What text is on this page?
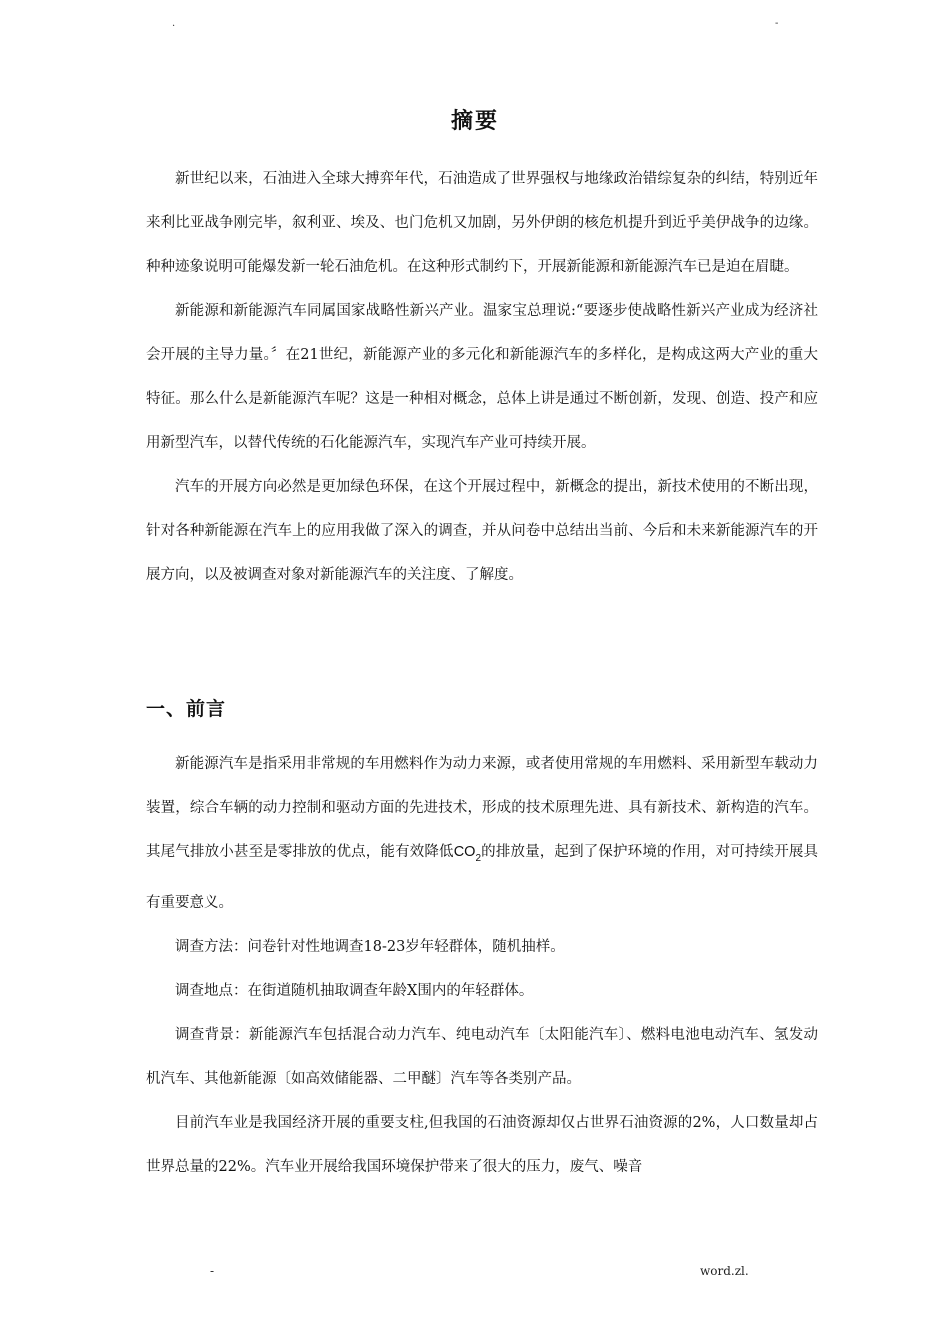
.	-
摘要

新世纪以来，石油进入全球大搏弈年代，石油造成了世界强权与地缘政治错综复杂的纠结，特别近年来利比亚战争刚完毕，叙利亚、埃及、也门危机又加剧，另外伊朗的核危机提升到近乎美伊战争的边缘。种种迹象说明可能爆发新一轮石油危机。在这种形式制约下，开展新能源和新能源汽车已是迫在眉睫。

新能源和新能源汽车同属国家战略性新兴产业。温家宝总理说:“要逐步使战略性新兴产业成为经济社会开展的主导力量。〞在21世纪，新能源产业的多元化和新能源汽车的多样化，是构成这两大产业的重大特征。那么什么是新能源汽车呢？这是一种相对概念，总体上讲是通过不断创新，发现、创造、投产和应用新型汽车，以替代传统的石化能源汽车，实现汽车产业可持续开展。

汽车的开展方向必然是更加绿色环保，在这个开展过程中，新概念的提出，新技术使用的不断出现，针对各种新能源在汽车上的应用我做了深入的调查，并从问卷中总结出当前、今后和未来新能源汽车的开展方向，以及被调查对象对新能源汽车的关注度、了解度。

一、前言

新能源汽车是指采用非常规的车用燃料作为动力来源，或者使用常规的车用燃料、采用新型车载动力装置，综合车辆的动力控制和驱动方面的先进技术，形成的技术原理先进、具有新技术、新构造的汽车。其尾气排放小甚至是零排放的优点，能有效降低$CO_2$的排放量，起到了保护环境的作用，对可持续开展具有重要意义。

调查方法：问卷针对性地调查18-23岁年轻群体，随机抽样。

调查地点：在街道随机抽取调查年龄X围内的年轻群体。

调查背景：新能源汽车包括混合动力汽车、纯电动汽车〔太阳能汽车〕、燃料电池电动汽车、氢发动机汽车、其他新能源〔如高效储能器、二甲醚〕汽车等各类别产品。

目前汽车业是我国经济开展的重要支柱,但我国的石油资源却仅占世界石油资源的2%，人口数量却占世界总量的22%。汽车业开展给我国环境保护带来了很大的压力，废气、噪音

-	word.zl.
